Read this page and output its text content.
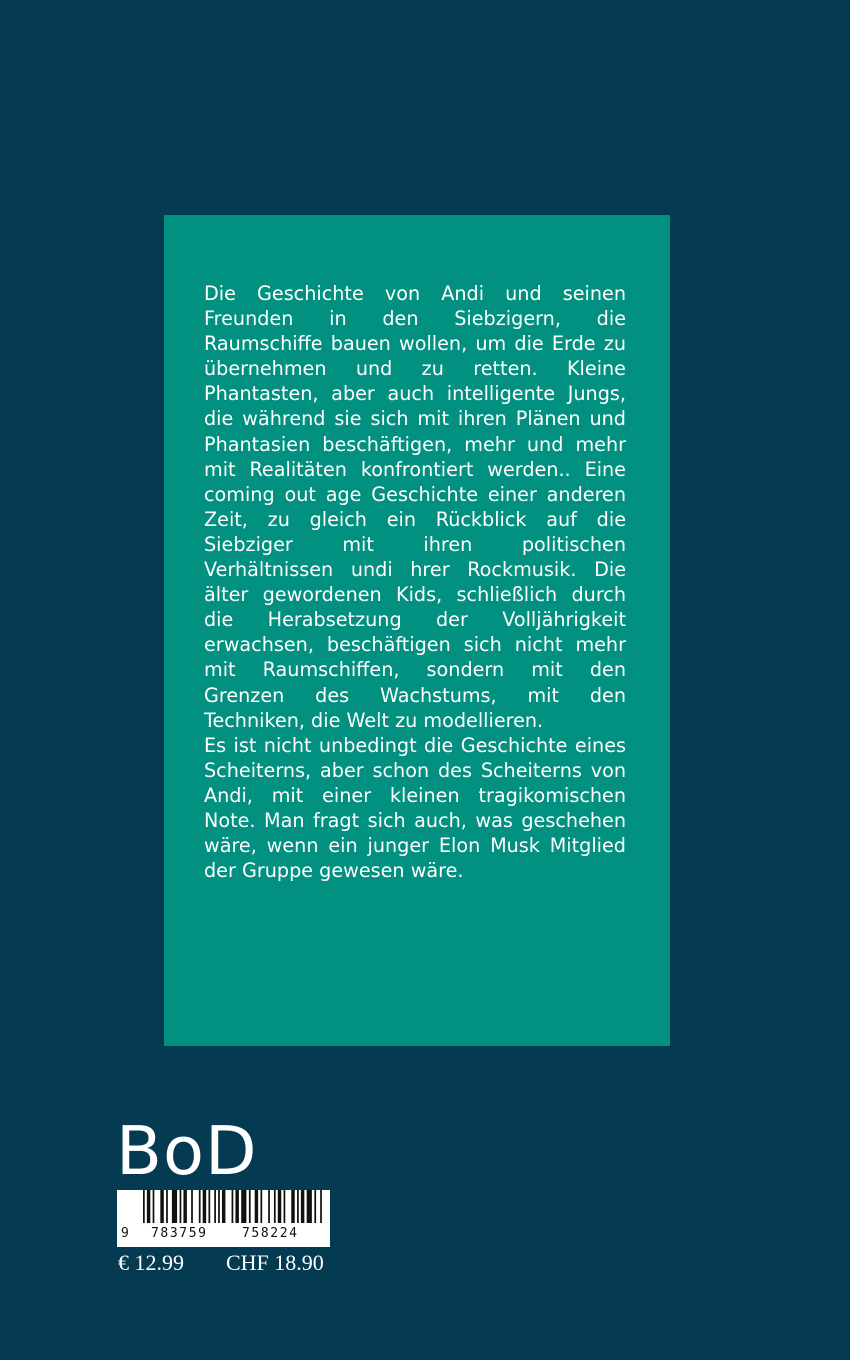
Die Geschichte von Andi und seinen Freunden in den Siebzigern, die Raumschiffe bauen wollen, um die Erde zu übernehmen und zu retten. Kleine Phantasten, aber auch intelligente Jungs, die während sie sich mit ihren Plänen und Phantasien beschäftigen, mehr und mehr mit Realitäten konfrontiert werden.. Eine coming out age Geschichte einer anderen Zeit, zu gleich ein Rückblick auf die Siebziger mit ihren politischen Verhältnissen undi hrer Rockmusik. Die älter gewordenen Kids, schließlich durch die Herabsetzung der Volljährigkeit erwachsen, beschäftigen sich nicht mehr mit Raumschiffen, sondern mit den Grenzen des Wachstums, mit den Techniken, die Welt zu modellieren.

Es ist nicht unbedingt die Geschichte eines Scheiterns, aber schon des Scheiterns von Andi, mit einer kleinen tragikomischen Note. Man fragt sich auch, was geschehen wäre, wenn ein junger Elon Musk Mitglied der Gruppe gewesen wäre.

BoD
9 783759	758224
€ 12.99 CHF 18.90
